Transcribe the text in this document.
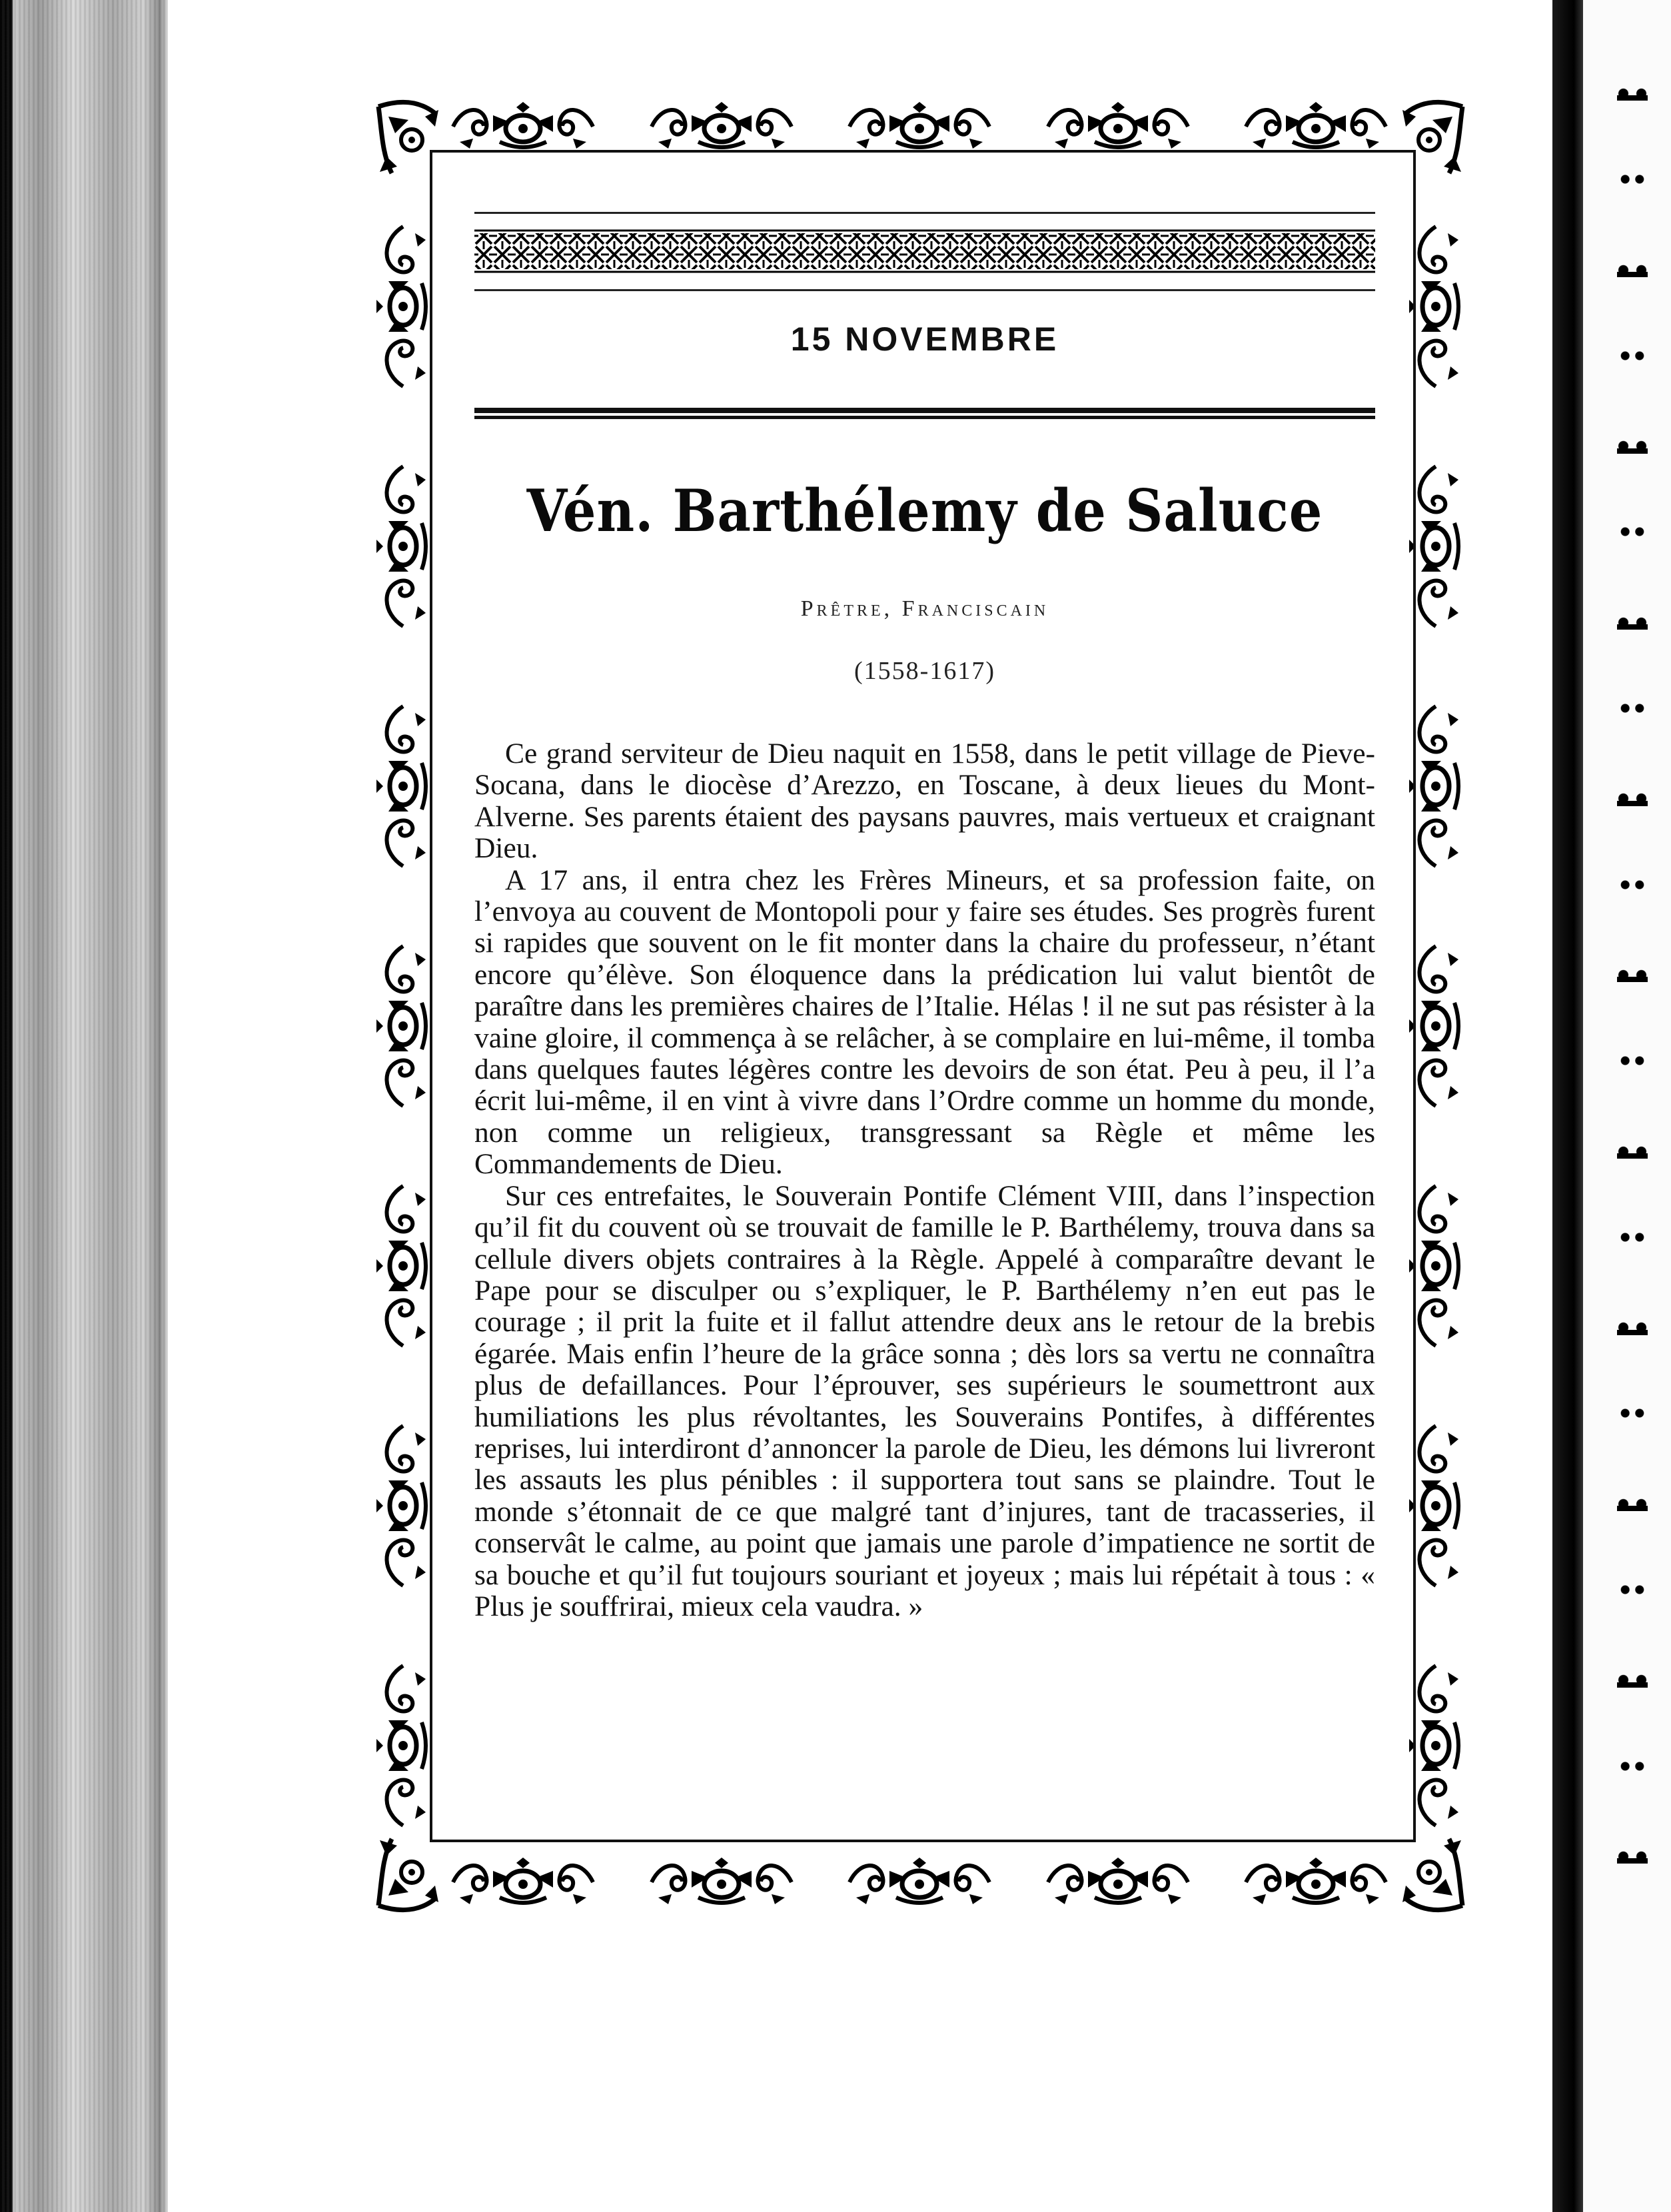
15 NOVEMBRE
Vén. Barthélemy de Saluce
Prêtre, Franciscain
(1558-1617)

Ce grand serviteur de Dieu naquit en 1558, dans le petit village de Pieve-Socana, dans le diocèse d’Arezzo, en Toscane, à deux lieues du Mont-Alverne. Ses parents étaient des paysans pauvres, mais vertueux et craignant Dieu.

A 17 ans, il entra chez les Frères Mineurs, et sa profession faite, on l’envoya au couvent de Montopoli pour y faire ses études. Ses progrès furent si rapides que souvent on le fit monter dans la chaire du professeur, n’étant encore qu’élève. Son éloquence dans la prédication lui valut bientôt de paraître dans les premières chaires de l’Italie. Hélas ! il ne sut pas résister à la vaine gloire, il commença à se relâcher, à se complaire en lui-même, il tomba dans quelques fautes légères contre les devoirs de son état. Peu à peu, il l’a écrit lui-même, il en vint à vivre dans l’Ordre comme un homme du monde, non comme un religieux, transgressant sa Règle et même les Commandements de Dieu.

Sur ces entrefaites, le Souverain Pontife Clément VIII, dans l’inspection qu’il fit du couvent où se trouvait de famille le P. Barthélemy, trouva dans sa cellule divers objets contraires à la Règle. Appelé à comparaître devant le Pape pour se disculper ou s’expliquer, le P. Barthélemy n’en eut pas le courage ; il prit la fuite et il fallut attendre deux ans le retour de la brebis égarée. Mais enfin l’heure de la grâce sonna ; dès lors sa vertu ne connaîtra plus de defaillances. Pour l’éprouver, ses supérieurs le soumettront aux humiliations les plus révoltantes, les Souverains Pontifes, à différentes reprises, lui interdiront d’annoncer la parole de Dieu, les démons lui livreront les assauts les plus pénibles : il supportera tout sans se plaindre. Tout le monde s’étonnait de ce que malgré tant d’injures, tant de tracasseries, il conservât le calme, au point que jamais une parole d’impatience ne sortit de sa bouche et qu’il fut toujours souriant et joyeux ; mais lui répétait à tous : « Plus je souffrirai, mieux cela vaudra. »
